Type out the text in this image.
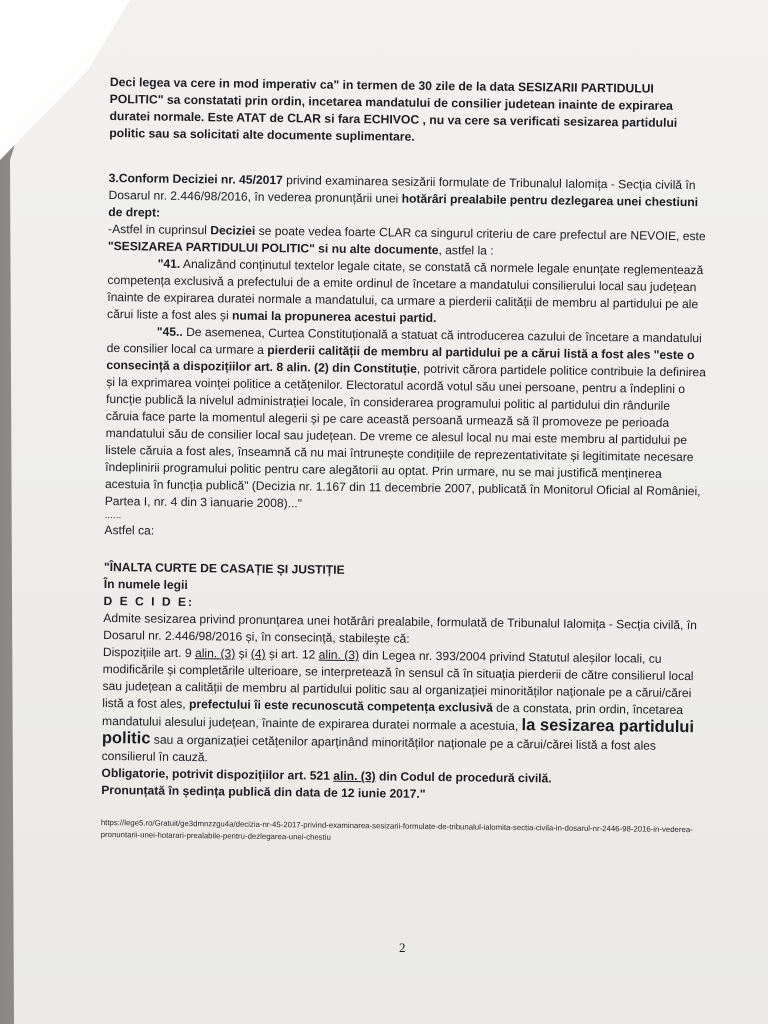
Deci legea va cere in mod imperativ ca" in termen de 30 zile de la data SESIZARII PARTIDULUI POLITIC" sa constatati prin ordin, incetarea mandatului de consilier judetean inainte de expirarea duratei normale. Este ATAT de CLAR si fara ECHIVOC , nu va cere sa verificati sesizarea partidului politic sau sa solicitati alte documente suplimentare.

3.Conform Deciziei nr. 45/2017 privind examinarea sesizării formulate de Tribunalul Ialomița - Secția civilă în Dosarul nr. 2.446/98/2016, în vederea pronunțării unei hotărâri prealabile pentru dezlegarea unei chestiuni de drept:

-Astfel in cuprinsul Deciziei se poate vedea foarte CLAR ca singurul criteriu de care prefectul are NEVOIE, este "SESIZAREA PARTIDULUI POLITIC" si nu alte documente, astfel la :

"41. Analizând conținutul textelor legale citate, se constată că normele legale enunțate reglementează competența exclusivă a prefectului de a emite ordinul de încetare a mandatului consilierului local sau județean înainte de expirarea duratei normale a mandatului, ca urmare a pierderii calității de membru al partidului pe ale cărui liste a fost ales și numai la propunerea acestui partid.

"45.. De asemenea, Curtea Constituțională a statuat că introducerea cazului de încetare a mandatului de consilier local ca urmare a pierderii calității de membru al partidului pe a cărui listă a fost ales "este o consecință a dispozițiilor art. 8 alin. (2) din Constituție, potrivit cărora partidele politice contribuie la definirea și la exprimarea voinței politice a cetățenilor. Electoratul acordă votul său unei persoane, pentru a îndeplini o funcție publică la nivelul administrației locale, în considerarea programului politic al partidului din rândurile căruia face parte la momentul alegerii și pe care această persoană urmează să îl promoveze pe perioada mandatului său de consilier local sau județean. De vreme ce alesul local nu mai este membru al partidului pe listele căruia a fost ales, înseamnă că nu mai întrunește condițiile de reprezentativitate și legitimitate necesare îndeplinirii programului politic pentru care alegătorii au optat. Prin urmare, nu se mai justifică menținerea acestuia în funcția publică" (Decizia nr. 1.167 din 11 decembrie 2007, publicată în Monitorul Oficial al României, Partea I, nr. 4 din 3 ianuarie 2008)..."

......

Astfel ca:

"ÎNALTA CURTE DE CASAȚIE ȘI JUSTIȚIE

În numele legii

D E C I D E:

Admite sesizarea privind pronunțarea unei hotărâri prealabile, formulată de Tribunalul Ialomița - Secția civilă, în Dosarul nr. 2.446/98/2016 și, în consecință, stabilește că:

Dispozițiile art. 9 alin. (3) și (4) și art. 12 alin. (3) din Legea nr. 393/2004 privind Statutul aleșilor locali, cu modificările și completările ulterioare, se interpretează în sensul că în situația pierderii de către consilierul local sau județean a calității de membru al partidului politic sau al organizației minorităților naționale pe a cărui/cărei listă a fost ales, prefectului îi este recunoscută competența exclusivă de a constata, prin ordin, încetarea mandatului alesului județean, înainte de expirarea duratei normale a acestuia, la sesizarea partidului politic sau a organizației cetățenilor aparținând minorităților naționale pe a cărui/cărei listă a fost ales consilierul în cauză.

Obligatorie, potrivit dispozițiilor art. 521 alin. (3) din Codul de procedură civilă.

Pronunțată în ședința publică din data de 12 iunie 2017."

https://lege5.ro/Gratuit/ge3dmnzzgu4a/decizia-nr-45-2017-privind-examinarea-sesizarii-formulate-de-tribunalul-ialomita-sectia-civila-in-dosarul-nr-2446-98-2016-in-vederea-pronuntarii-unei-hotarari-prealabile-pentru-dezlegarea-unei-chestiu

2
